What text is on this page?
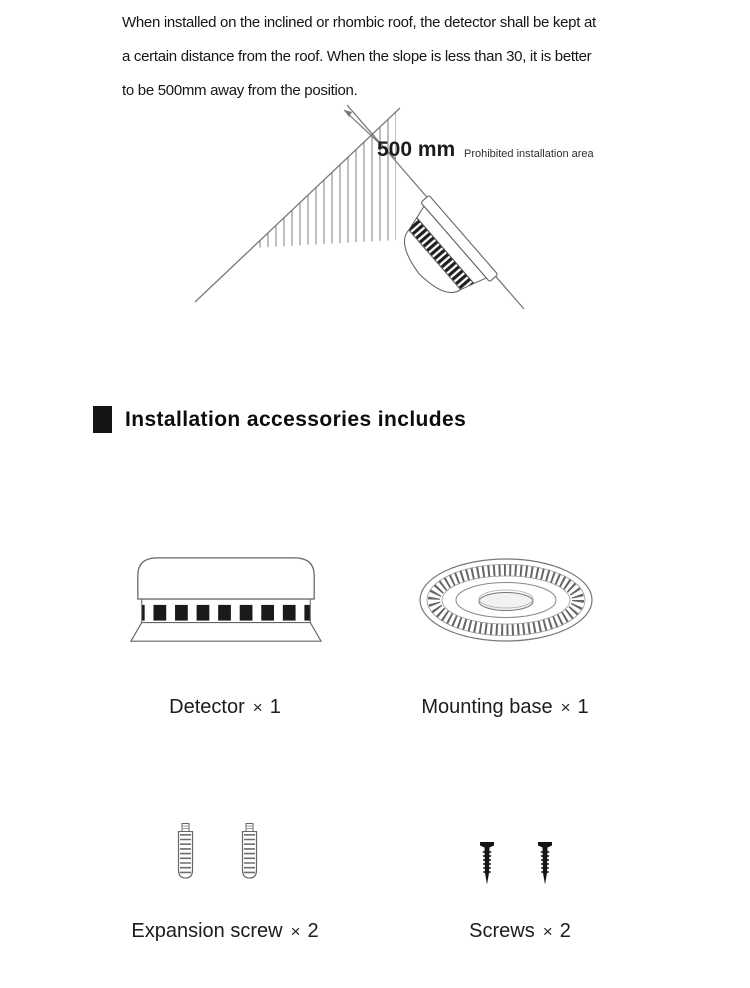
When installed on the inclined or rhombic roof, the detector shall be kept at
a certain distance from the roof. When the slope is less than 30, it is better
to be 500mm away from the position.
500 mm Prohibited installation area
Installation accessories includes
Detector × 1	Mounting base × 1
Expansion screw × 2	Screws × 2
